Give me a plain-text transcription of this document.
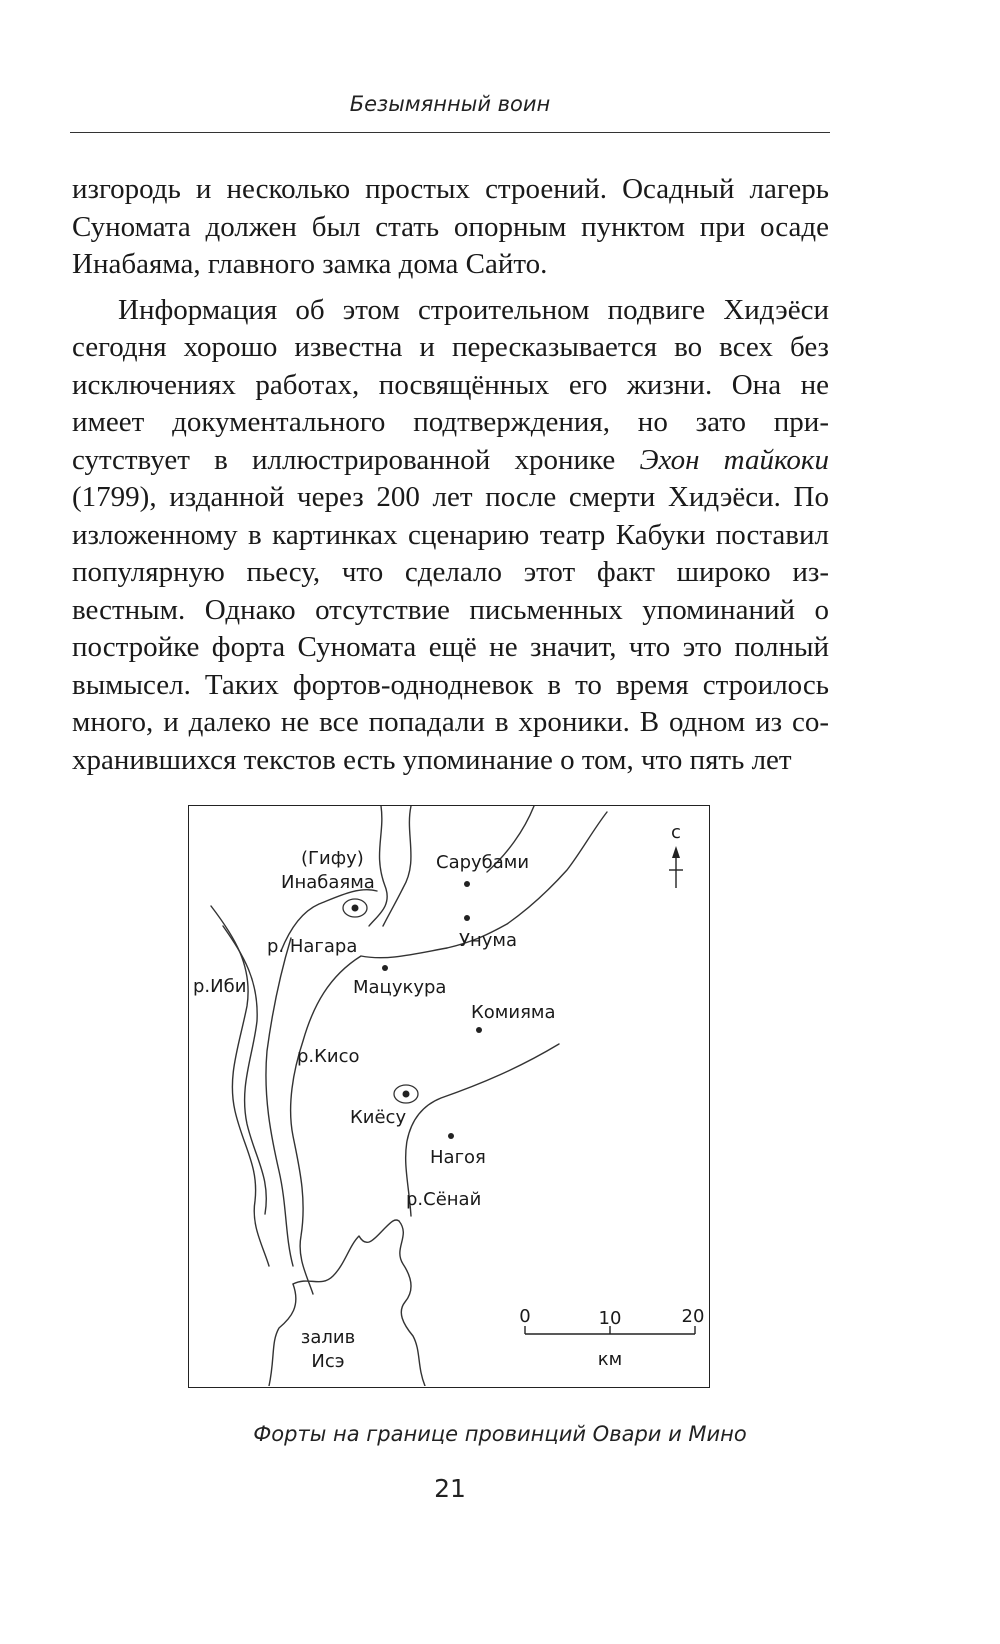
Безымянный воин

изгородь и несколько простых строений. Осадный лагерь Суномата должен был стать опорным пунктом при осаде Инабаяма, главного замка дома Сайто.

Информация об этом строительном подвиге Хидэёси сегодня хорошо известна и пересказывается во всех без исключениях работах, посвящённых его жизни. Она не имеет документального подтверждения, но зато присутствует в иллюстрированной хронике Эхон тайкоки (1799), изданной через 200 лет после смерти Хидэёси. По изложенному в картинках сценарию театр Кабуки поставил популярную пьесу, что сделало этот факт широко известным. Однако отсутствие письменных упоминаний о постройке форта Суномата ещё не значит, что это полный вымысел. Таких фортов-однодневок в то время строилось много, и далеко не все попадали в хроники. В одном из сохранившихся текстов есть упоминание о том, что пять лет

с
(Гифу)
Инабаяма
Сарубами
Унума
р. Нагара
р.Иби	Мацукура
Комияма
р.Кисо
Киёсу
Нагоя
р.Сёнай
залив
Исэ
0	10	20
км
Форты на границе провинций Овари и Мино
21
